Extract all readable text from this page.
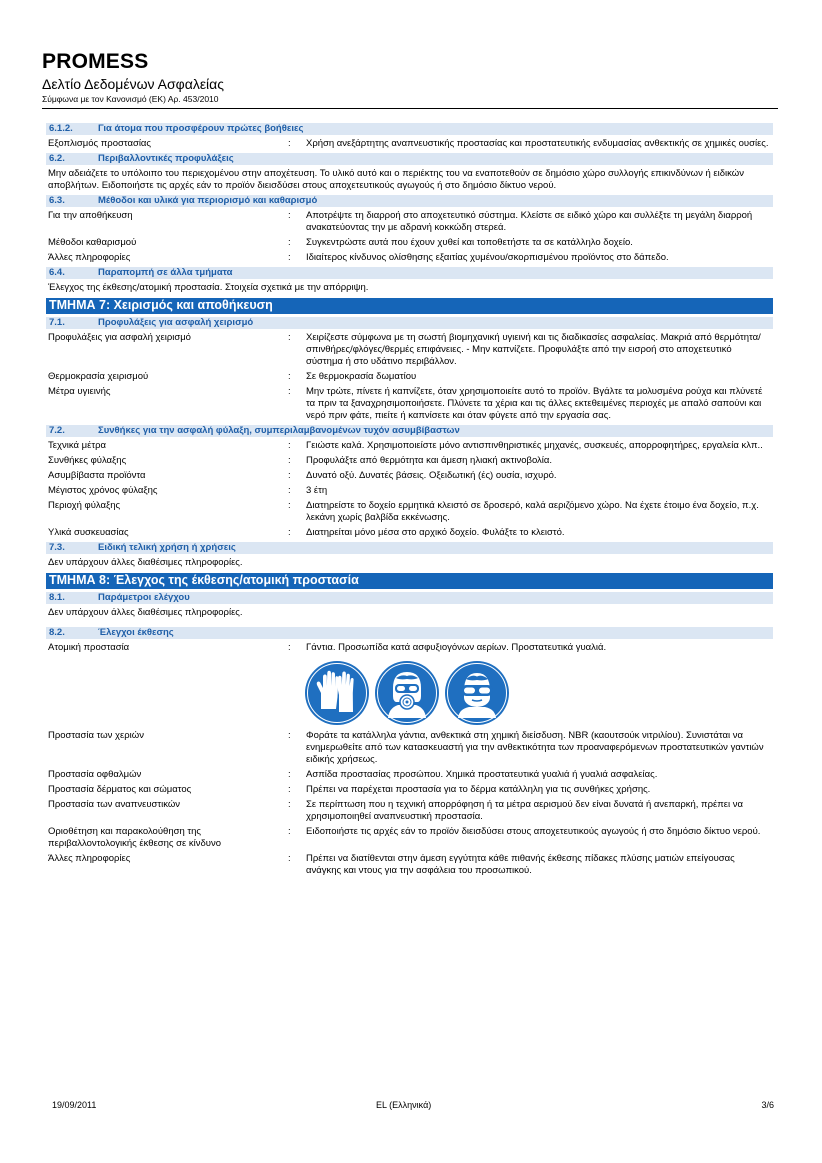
PROMESS
Δελτίο Δεδομένων Ασφαλείας
Σύμφωνα με τον Κανονισμό (ΕΚ) Αρ. 453/2010
6.1.2.	Για άτομα που προσφέρουν πρώτες βοήθειες
Εξοπλισμός προστασίας	:	Χρήση ανεξάρτητης αναπνευστικής προστασίας και προστατευτικής ενδυμασίας ανθεκτικής σε χημικές ουσίες.
6.2.	Περιβαλλοντικές προφυλάξεις
Μην αδειάζετε το υπόλοιπο του περιεχομένου στην αποχέτευση. Το υλικό αυτό και ο περιέκτης του να εναποτεθούν σε δημόσιο χώρο συλλογής επικινδύνων ή ειδικών αποβλήτων. Ειδοποιήστε τις αρχές εάν το προϊόν διεισδύσει στους αποχετευτικούς αγωγούς ή στο δημόσιο δίκτυο νερού.
6.3.	Μέθοδοι και υλικά για περιορισμό και καθαρισμό
Για την αποθήκευση	:	Αποτρέψτε τη διαρροή στο αποχετευτικό σύστημα. Κλείστε σε ειδικό χώρο και συλλέξτε τη μεγάλη διαρροή ανακατεύοντας την με αδρανή κοκκώδη στερεά.
Μέθοδοι καθαρισμού	:	Συγκεντρώστε αυτά που έχουν χυθεί και τοποθετήστε τα σε κατάλληλο δοχείο.
Άλλες πληροφορίες	:	Ιδιαίτερος κίνδυνος ολίσθησης εξαιτίας χυμένου/σκορπισμένου προϊόντος στο δάπεδο.
6.4.	Παραπομπή σε άλλα τμήματα
Έλεγχος της έκθεσης/ατομική προστασία. Στοιχεία σχετικά με την απόρριψη.
ΤΜΗΜΑ 7: Χειρισμός και αποθήκευση
7.1.	Προφυλάξεις για ασφαλή χειρισμό
Προφυλάξεις για ασφαλή χειρισμό	:	Χειρίζεστε σύμφωνα με τη σωστή βιομηχανική υγιεινή και τις διαδικασίες ασφαλείας. Μακριά από θερμότητα/σπινθήρες/φλόγες/θερμές επιφάνειες. - Μην καπνίζετε. Προφυλάξτε από την εισροή στο αποχετευτικό σύστημα ή στο υδάτινο περιβάλλον.
Θερμοκρασία χειρισμού	:	Σε θερμοκρασία δωματίου
Μέτρα υγιεινής	:	Μην τρώτε, πίνετε ή καπνίζετε, όταν χρησιμοποιείτε αυτό το προϊόν. Βγάλτε τα μολυσμένα ρούχα και πλύνετέ τα πριν τα ξαναχρησιμοποιήσετε. Πλύνετε τα χέρια και τις άλλες εκτεθειμένες περιοχές με απαλό σαπούνι και νερό πριν φάτε, πιείτε ή καπνίσετε και όταν φύγετε από την εργασία σας.
7.2.	Συνθήκες για την ασφαλή φύλαξη, συμπεριλαμβανομένων τυχόν ασυμβίβαστων
Τεχνικά μέτρα	:	Γειώστε καλά. Χρησιμοποιείστε μόνο αντισπινθηριστικές μηχανές, συσκευές, απορροφητήρες, εργαλεία κλπ..
Συνθήκες φύλαξης	:	Προφυλάξτε από θερμότητα και άμεση ηλιακή ακτινοβολία.
Ασυμβίβαστα προϊόντα	:	Δυνατό οξύ. Δυνατές βάσεις. Οξειδωτική (ές) ουσία, ισχυρό.
Μέγιστος χρόνος φύλαξης	:	3 έτη
Περιοχή φύλαξης	:	Διατηρείστε το δοχείο ερμητικά κλειστό σε δροσερό, καλά αεριζόμενο χώρο. Να έχετε έτοιμο ένα δοχείο, π.χ. λεκάνη χωρίς βαλβίδα εκκένωσης.
Υλικά συσκευασίας	:	Διατηρείται μόνο μέσα στο αρχικό δοχείο. Φυλάξτε το κλειστό.
7.3.	Ειδική τελική χρήση ή χρήσεις
Δεν υπάρχουν άλλες διαθέσιμες πληροφορίες.
ΤΜΗΜΑ 8: Έλεγχος της έκθεσης/ατομική προστασία
8.1.	Παράμετροι ελέγχου
Δεν υπάρχουν άλλες διαθέσιμες πληροφορίες.
8.2.	Έλεγχοι έκθεσης
Ατομική προστασία	:	Γάντια. Προσωπίδα κατά ασφυξιογόνων αερίων. Προστατευτικά γυαλιά.
Προστασία των χεριών	:	Φοράτε τα κατάλληλα γάντια, ανθεκτικά στη χημική διείσδυση. NBR (καουτσούκ νιτριλίου). Συνιστάται να ενημερωθείτε από των κατασκευαστή για την ανθεκτικότητα των προαναφερόμενων προστατευτικών γαντιών ειδικής χρήσεως.
Προστασία οφθαλμών	:	Ασπίδα προστασίας προσώπου. Χημικά προστατευτικά γυαλιά ή γυαλιά ασφαλείας.
Προστασία δέρματος και σώματος	:	Πρέπει να παρέχεται προστασία για το δέρμα κατάλληλη για τις συνθήκες χρήσης.
Προστασία των αναπνευστικών	:	Σε περίπτωση που η τεχνική απορρόφηση ή τα μέτρα αερισμού δεν είναι δυνατά ή ανεπαρκή, πρέπει να χρησιμοποιηθεί αναπνευστική προστασία.
Οριοθέτηση και παρακολούθηση της περιβαλλοντολογικής έκθεσης σε κίνδυνο
:	Ειδοποιήστε τις αρχές εάν το προϊόν διεισδύσει στους αποχετευτικούς αγωγούς ή στο δημόσιο δίκτυο νερού.
Άλλες πληροφορίες	:	Πρέπει να διατίθενται στην άμεση εγγύτητα κάθε πιθανής έκθεσης πίδακες πλύσης ματιών επείγουσας ανάγκης και ντους για την ασφάλεια του προσωπικού.
19/09/2011	EL (Ελληνικά)	3/6
